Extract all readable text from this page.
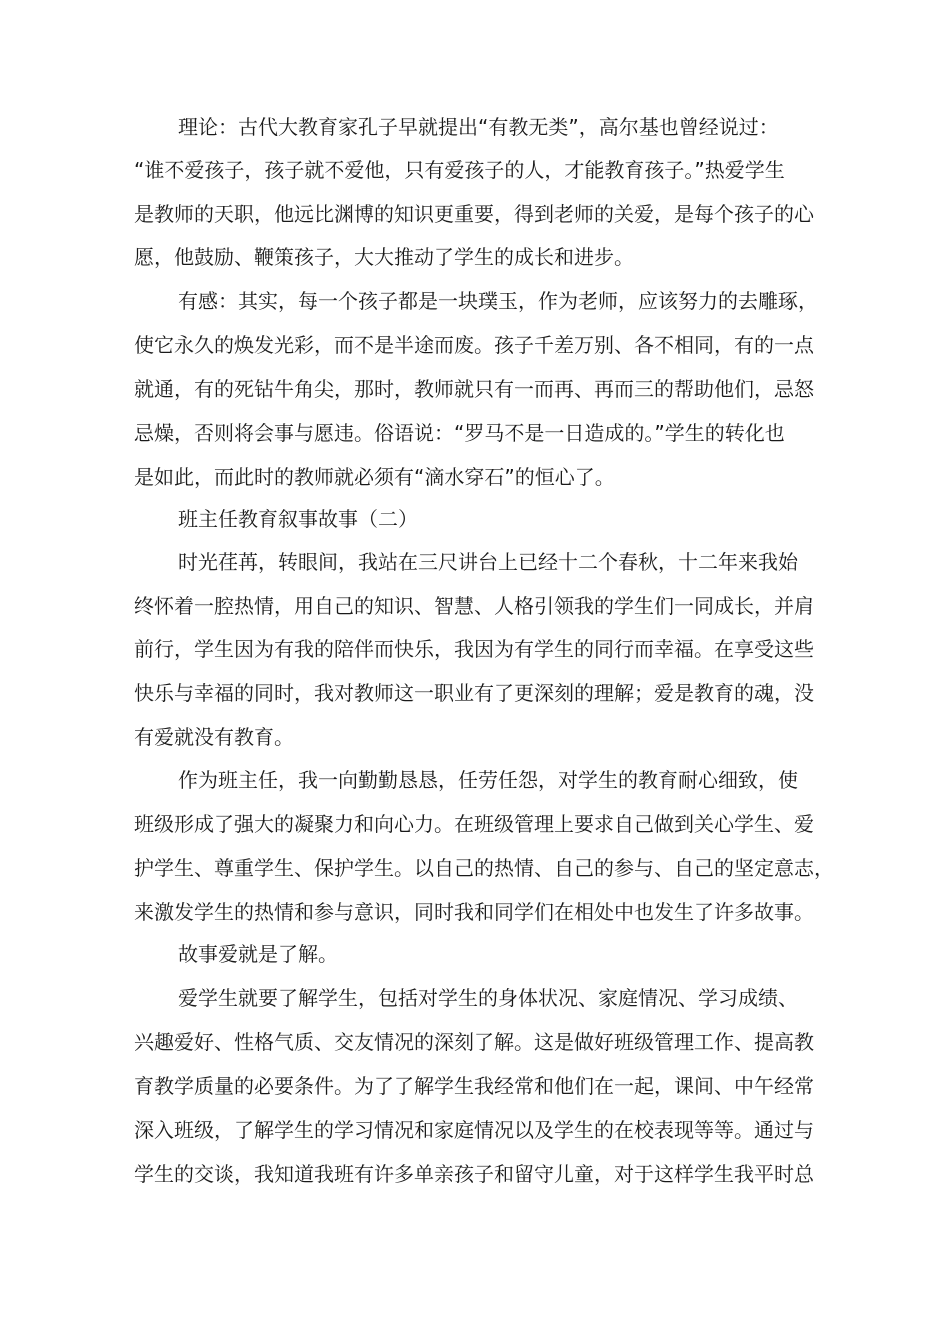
理论：古代大教育家孔子早就提出“有教无类”，高尔基也曾经说过：
“谁不爱孩子，孩子就不爱他，只有爱孩子的人，才能教育孩子。”热爱学生
是教师的天职，他远比渊博的知识更重要，得到老师的关爱，是每个孩子的心
愿，他鼓励、鞭策孩子，大大推动了学生的成长和进步。
有感：其实，每一个孩子都是一块璞玉，作为老师，应该努力的去雕琢，
使它永久的焕发光彩，而不是半途而废。孩子千差万别、各不相同，有的一点
就通，有的死钻牛角尖，那时，教师就只有一而再、再而三的帮助他们，忌怒
忌燥，否则将会事与愿违。俗语说：“罗马不是一日造成的。”学生的转化也
是如此，而此时的教师就必须有“滴水穿石”的恒心了。
班主任教育叙事故事（二）
时光荏苒，转眼间，我站在三尺讲台上已经十二个春秋，十二年来我始
终怀着一腔热情，用自己的知识、智慧、人格引领我的学生们一同成长，并肩
前行，学生因为有我的陪伴而快乐，我因为有学生的同行而幸福。在享受这些
快乐与幸福的同时，我对教师这一职业有了更深刻的理解；爱是教育的魂，没
有爱就没有教育。
作为班主任，我一向勤勤恳恳，任劳任怨，对学生的教育耐心细致，使
班级形成了强大的凝聚力和向心力。在班级管理上要求自己做到关心学生、爱
护学生、尊重学生、保护学生。以自己的热情、自己的参与、自己的坚定意志，
来激发学生的热情和参与意识，同时我和同学们在相处中也发生了许多故事。
故事爱就是了解。
爱学生就要了解学生，包括对学生的身体状况、家庭情况、学习成绩、
兴趣爱好、性格气质、交友情况的深刻了解。这是做好班级管理工作、提高教
育教学质量的必要条件。为了了解学生我经常和他们在一起，课间、中午经常
深入班级，了解学生的学习情况和家庭情况以及学生的在校表现等等。通过与
学生的交谈，我知道我班有许多单亲孩子和留守儿童，对于这样学生我平时总
